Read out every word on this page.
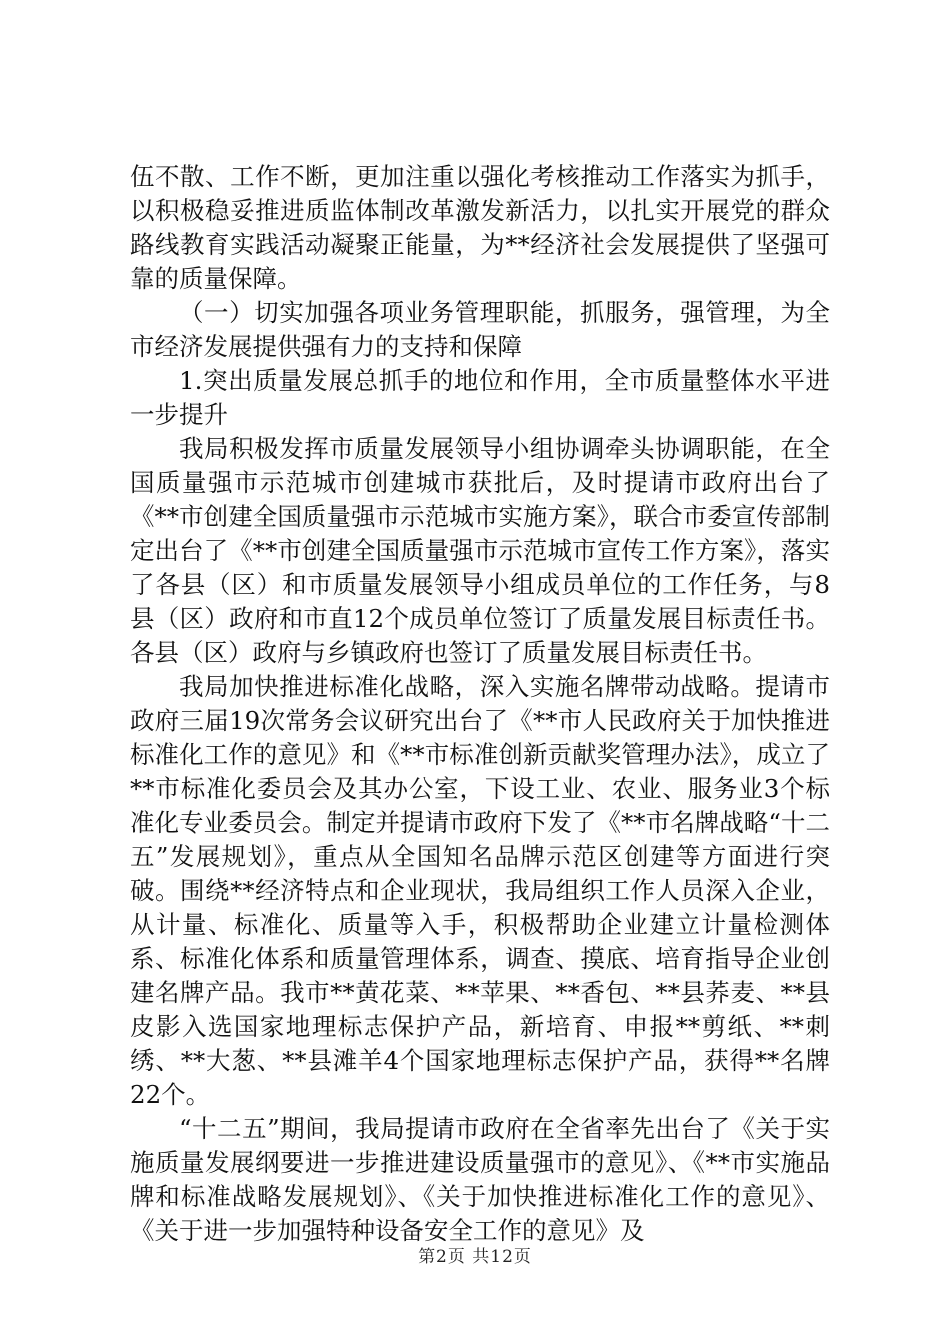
伍不散、工作不断，更加注重以强化考核推动工作落实为抓手，以积极稳妥推进质监体制改革激发新活力，以扎实开展党的群众路线教育实践活动凝聚正能量，为**经济社会发展提供了坚强可靠的质量保障。

（一）切实加强各项业务管理职能，抓服务，强管理，为全市经济发展提供强有力的支持和保障

1.突出质量发展总抓手的地位和作用，全市质量整体水平进一步提升

我局积极发挥市质量发展领导小组协调牵头协调职能，在全国质量强市示范城市创建城市获批后，及时提请市政府出台了《**市创建全国质量强市示范城市实施方案》，联合市委宣传部制定出台了《**市创建全国质量强市示范城市宣传工作方案》，落实了各县（区）和市质量发展领导小组成员单位的工作任务，与8县（区）政府和市直12个成员单位签订了质量发展目标责任书。各县（区）政府与乡镇政府也签订了质量发展目标责任书。

我局加快推进标准化战略，深入实施名牌带动战略。提请市政府三届19次常务会议研究出台了《**市人民政府关于加快推进标准化工作的意见》和《**市标准创新贡献奖管理办法》，成立了**市标准化委员会及其办公室，下设工业、农业、服务业3个标准化专业委员会。制定并提请市政府下发了《**市名牌战略“十二五”发展规划》，重点从全国知名品牌示范区创建等方面进行突破。围绕**经济特点和企业现状，我局组织工作人员深入企业，从计量、标准化、质量等入手，积极帮助企业建立计量检测体系、标准化体系和质量管理体系，调查、摸底、培育指导企业创建名牌产品。我市**黄花菜、**苹果、**香包、**县荞麦、**县皮影入选国家地理标志保护产品，新培育、申报**剪纸、**刺绣、**大葱、**县滩羊4个国家地理标志保护产品，获得**名牌22个。

“十二五”期间，我局提请市政府在全省率先出台了《关于实施质量发展纲要进一步推进建设质量强市的意见》、《**市实施品牌和标准战略发展规划》、《关于加快推进标准化工作的意见》、《关于进一步加强特种设备安全工作的意见》及

第2页 共12页
